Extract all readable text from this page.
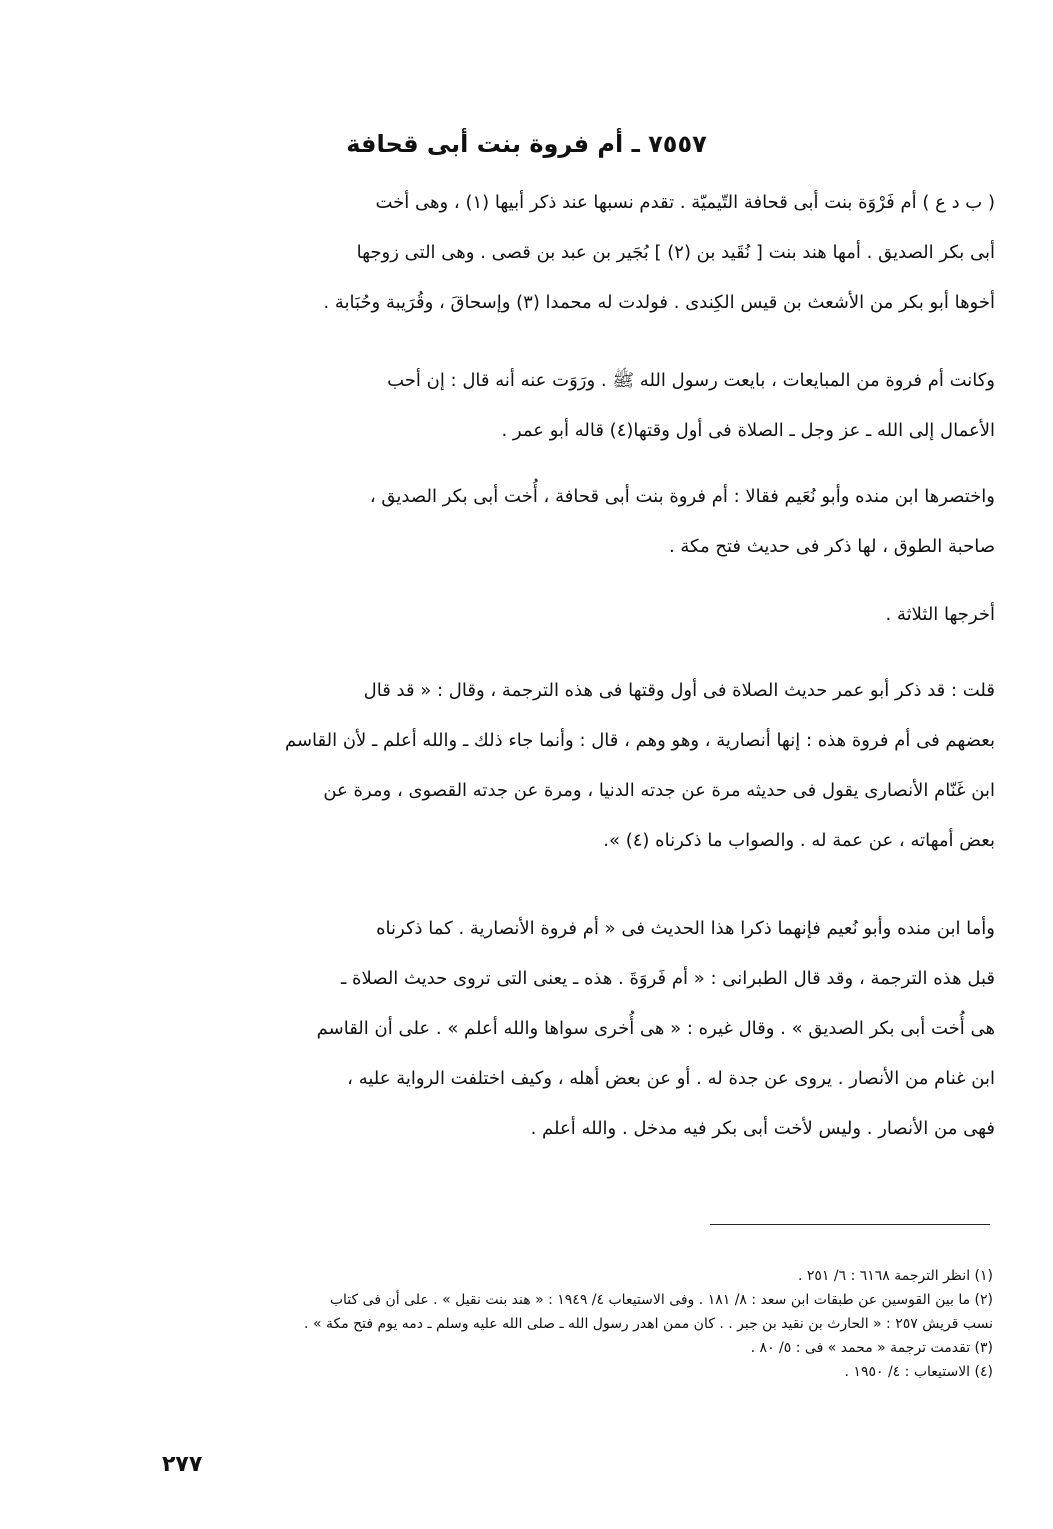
٧٥٥٧ ـ أم فروة بنت أبى قحافة
( ب د ع ) أم فَرْوَة بنت أبى قحافة التّيميّة . تقدم نسبها عند ذكر أبيها (١) ، وهى أخت
أبى بكر الصديق . أمها هند بنت [ نُقَيد بن (٢) ] بُجَير بن عبد بن قصى . وهى التى زوجها
أخوها أبو بكر من الأشعث بن قيس الكِندى . فولدت له محمدا (٣) وإسحاقَ ، وقُرَيبة وحُبَابة .
وكانت أم فروة من المبايعات ، بايعت رسول الله ﷺ . ورَوَت عنه أنه قال : إن أحب
الأعمال إلى الله ـ عز وجل ـ الصلاة فى أول وقتها(٤) قاله أبو عمر .
واختصرها ابن منده وأبو نُعَيم فقالا : أم فروة بنت أبى قحافة ، أُخت أبى بكر الصديق ،
صاحبة الطوق ، لها ذكر فى حديث فتح مكة .
أخرجها الثلاثة .
قلت : قد ذكر أبو عمر حديث الصلاة فى أول وقتها فى هذه الترجمة ، وقال : « قد قال
بعضهم فى أم فروة هذه : إنها أنصارية ، وهو وهم ، قال : وأنما جاء ذلك ـ والله أعلم ـ لأن القاسم
ابن غَنّام الأنصارى يقول فى حديثه مرة عن جدته الدنيا ، ومرة عن جدته القصوى ، ومرة عن
بعض أمهاته ، عن عمة له . والصواب ما ذكرناه (٤) ».
وأما ابن منده وأبو نُعيم فإنهما ذكرا هذا الحديث فى « أم فروة الأنصارية . كما ذكرناه
قبل هذه الترجمة ، وقد قال الطبرانى : « أم فَروَةَ . هذه ـ يعنى التى تروى حديث الصلاة ـ
هى أُخت أبى بكر الصديق » . وقال غيره : « هى أُخرى سواها والله أعلم » . على أن القاسم
ابن غنام من الأنصار . يروى عن جدة له . أو عن بعض أهله ، وكيف اختلفت الرواية عليه ،
فهى من الأنصار . وليس لأخت أبى بكر فيه مدخل . والله أعلم .
(١) انظر الترجمة ٦١٦٨ : ٦/ ٢٥١ .
(٢) ما بين القوسين عن طبقات ابن سعد : ٨/ ١٨١ . وفى الاستيعاب ٤/ ١٩٤٩ : « هند بنت نقيل » . على أن فى كتاب
نسب قريش ٢٥٧ : « الحارث بن نقيد بن جبر . . كان ممن اهدر رسول الله ـ صلى الله عليه وسلم ـ دمه يوم فتح مكة » .
(٣) تقدمت ترجمة « محمد » فى : ٥/ ٨٠ .
(٤) الاستيعاب : ٤/ ١٩٥٠ .
٢٧٧
